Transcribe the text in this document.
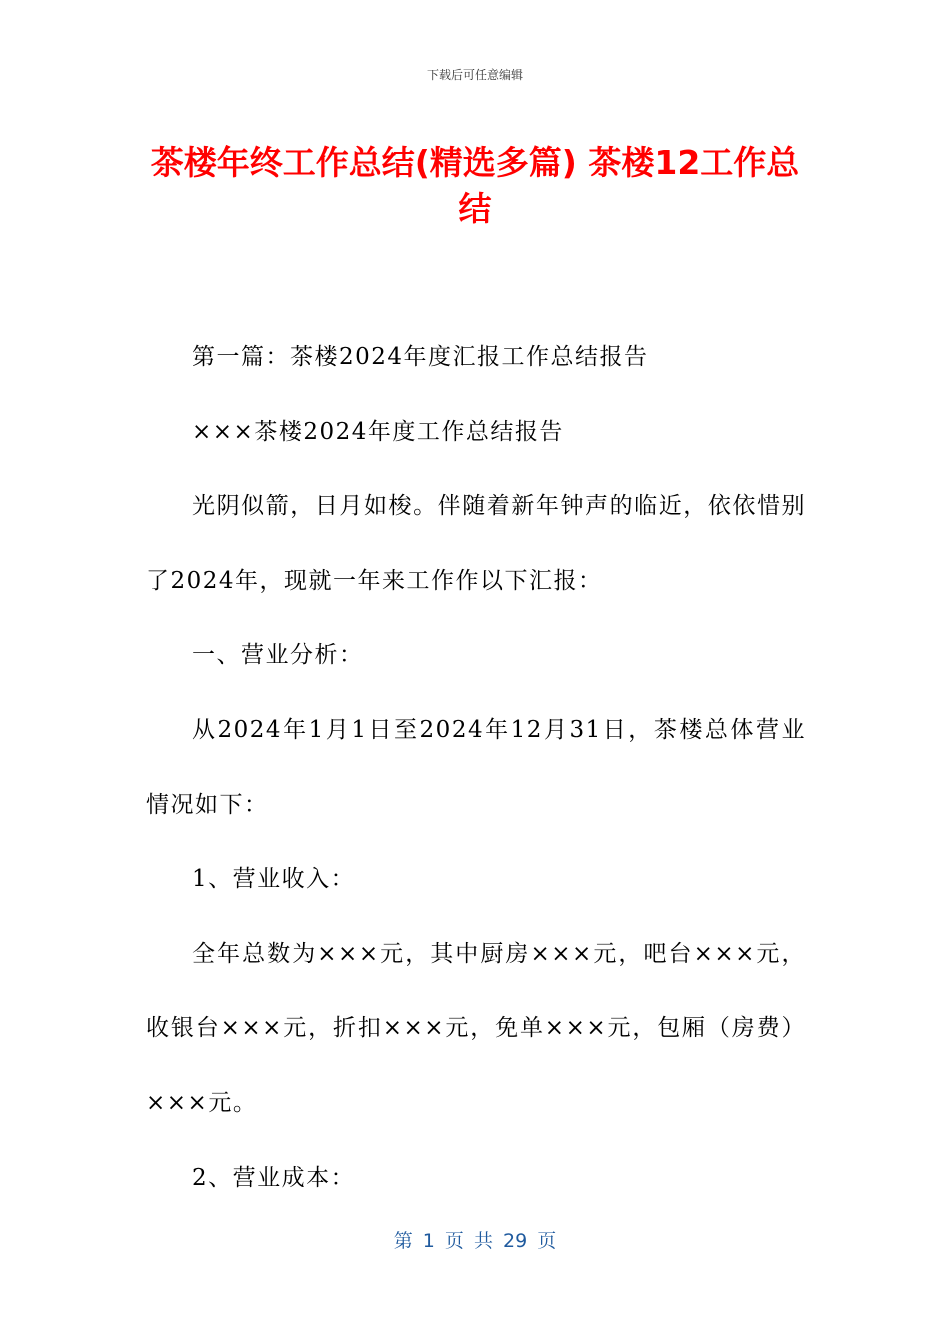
下载后可任意编辑
茶楼年终工作总结(精选多篇) 茶楼12工作总结

第一篇：茶楼2024年度汇报工作总结报告

×××茶楼2024年度工作总结报告

光阴似箭，日月如梭。伴随着新年钟声的临近，依依惜别了2024年，现就一年来工作作以下汇报：

一、营业分析：

从2024年1月1日至2024年12月31日，茶楼总体营业情况如下：

1、营业收入：

全年总数为×××元，其中厨房×××元，吧台×××元，收银台×××元，折扣×××元，免单×××元，包厢（房费）×××元。

2、营业成本：

第 1 页 共 29 页
